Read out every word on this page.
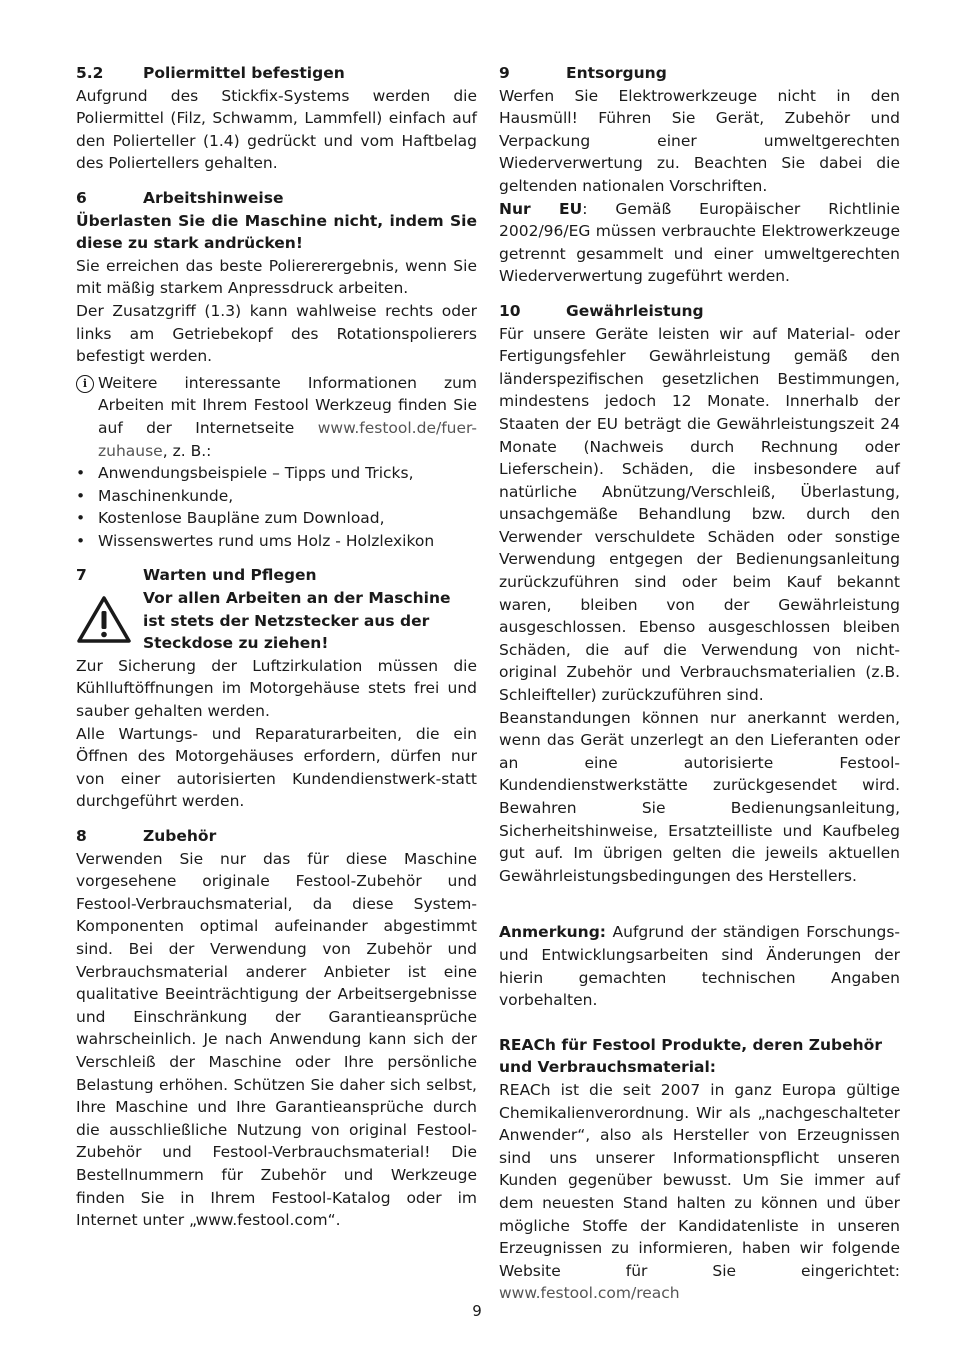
5.2	Poliermittel befestigen

Aufgrund des Stickfix-Systems werden die Poliermittel (Filz, Schwamm, Lammfell) einfach auf den Polierteller (1.4) gedrückt und vom Haftbelag des Poliertellers gehalten.

6	Arbeitshinweise

Überlasten Sie die Maschine nicht, indem Sie diese zu stark andrücken!

Sie erreichen das beste Poliererergebnis, wenn Sie mit mäßig starkem Anpressdruck arbeiten.

Der Zusatzgriff (1.3) kann wahlweise rechts oder links am Getriebekopf des Rotationspolierers befestigt werden.

i Weitere interessante Informationen zum Arbeiten mit Ihrem Festool Werkzeug finden Sie auf der Internetseite www.festool.de/fuer-zuhause, z. B.:
• Anwendungsbeispiele – Tipps und Tricks,
• Maschinenkunde,
• Kostenlose Baupläne zum Download,
• Wissenswertes rund ums Holz - Holzlexikon
7	Warten und Pflegen
Vor allen Arbeiten an der Maschine ist stets der Netzstecker aus der Steckdose zu ziehen!

Zur Sicherung der Luftzirkulation müssen die Kühlluftöffnungen im Motorgehäuse stets frei und sauber gehalten werden.

Alle Wartungs- und Reparaturarbeiten, die ein Öffnen des Motorgehäuses erfordern, dürfen nur von einer autorisierten Kundendienstwerk-statt durchgeführt werden.

8	Zubehör

Verwenden Sie nur das für diese Maschine vorgesehene originale Festool-Zubehör und Festool-Verbrauchsmaterial, da diese System-Komponenten optimal aufeinander abgestimmt sind. Bei der Verwendung von Zubehör und Verbrauchsmaterial anderer Anbieter ist eine qualitative Beeinträchtigung der Arbeitsergebnisse und Einschränkung der Garantieansprüche wahrscheinlich. Je nach Anwendung kann sich der Verschleiß der Maschine oder Ihre persönliche Belastung erhöhen. Schützen Sie daher sich selbst, Ihre Maschine und Ihre Garantieansprüche durch die ausschließliche Nutzung von original Festool-Zubehör und Festool-Verbrauchsmaterial! Die Bestellnummern für Zubehör und Werkzeuge finden Sie in Ihrem Festool-Katalog oder im Internet unter „www.festool.com“.

9	Entsorgung

Werfen Sie Elektrowerkzeuge nicht in den Hausmüll! Führen Sie Gerät, Zubehör und Verpackung einer umweltgerechten Wiederverwertung zu. Beachten Sie dabei die geltenden nationalen Vorschriften.

Nur EU: Gemäß Europäischer Richtlinie 2002/96/EG müssen verbrauchte Elektrowerkzeuge getrennt gesammelt und einer umweltgerechten Wiederverwertung zugeführt werden.

10	Gewährleistung

Für unsere Geräte leisten wir auf Material- oder Fertigungsfehler Gewährleistung gemäß den länderspezifischen gesetzlichen Bestimmungen, mindestens jedoch 12 Monate. Innerhalb der Staaten der EU beträgt die Gewährleistungszeit 24 Monate (Nachweis durch Rechnung oder Lieferschein). Schäden, die insbesondere auf natürliche Abnützung/Verschleiß, Überlastung, unsachgemäße Behandlung bzw. durch den Verwender verschuldete Schäden oder sonstige Verwendung entgegen der Bedienungsanleitung zurückzuführen sind oder beim Kauf bekannt waren, bleiben von der Gewährleistung ausgeschlossen. Ebenso ausgeschlossen bleiben Schäden, die auf die Verwendung von nicht-original Zubehör und Verbrauchsmaterialien (z.B. Schleifteller) zurückzuführen sind.

Beanstandungen können nur anerkannt werden, wenn das Gerät unzerlegt an den Lieferanten oder an eine autorisierte Festool-Kundendienstwerkstätte zurückgesendet wird. Bewahren Sie Bedienungsanleitung, Sicherheitshinweise, Ersatzteilliste und Kaufbeleg gut auf. Im übrigen gelten die jeweils aktuellen Gewährleistungsbedingungen des Herstellers.

Anmerkung: Aufgrund der ständigen Forschungs- und Entwicklungsarbeiten sind Änderungen der hierin gemachten technischen Angaben vorbehalten.

REACh für Festool Produkte, deren Zubehör und Verbrauchsmaterial:

REACh ist die seit 2007 in ganz Europa gültige Chemikalienverordnung. Wir als „nachgeschalteter Anwender“, also als Hersteller von Erzeugnissen sind uns unserer Informationspflicht unseren Kunden gegenüber bewusst. Um Sie immer auf dem neuesten Stand halten zu können und über mögliche Stoffe der Kandidatenliste in unseren Erzeugnissen zu informieren, haben wir folgende Website für Sie eingerichtet: www.festool.com/reach

9
